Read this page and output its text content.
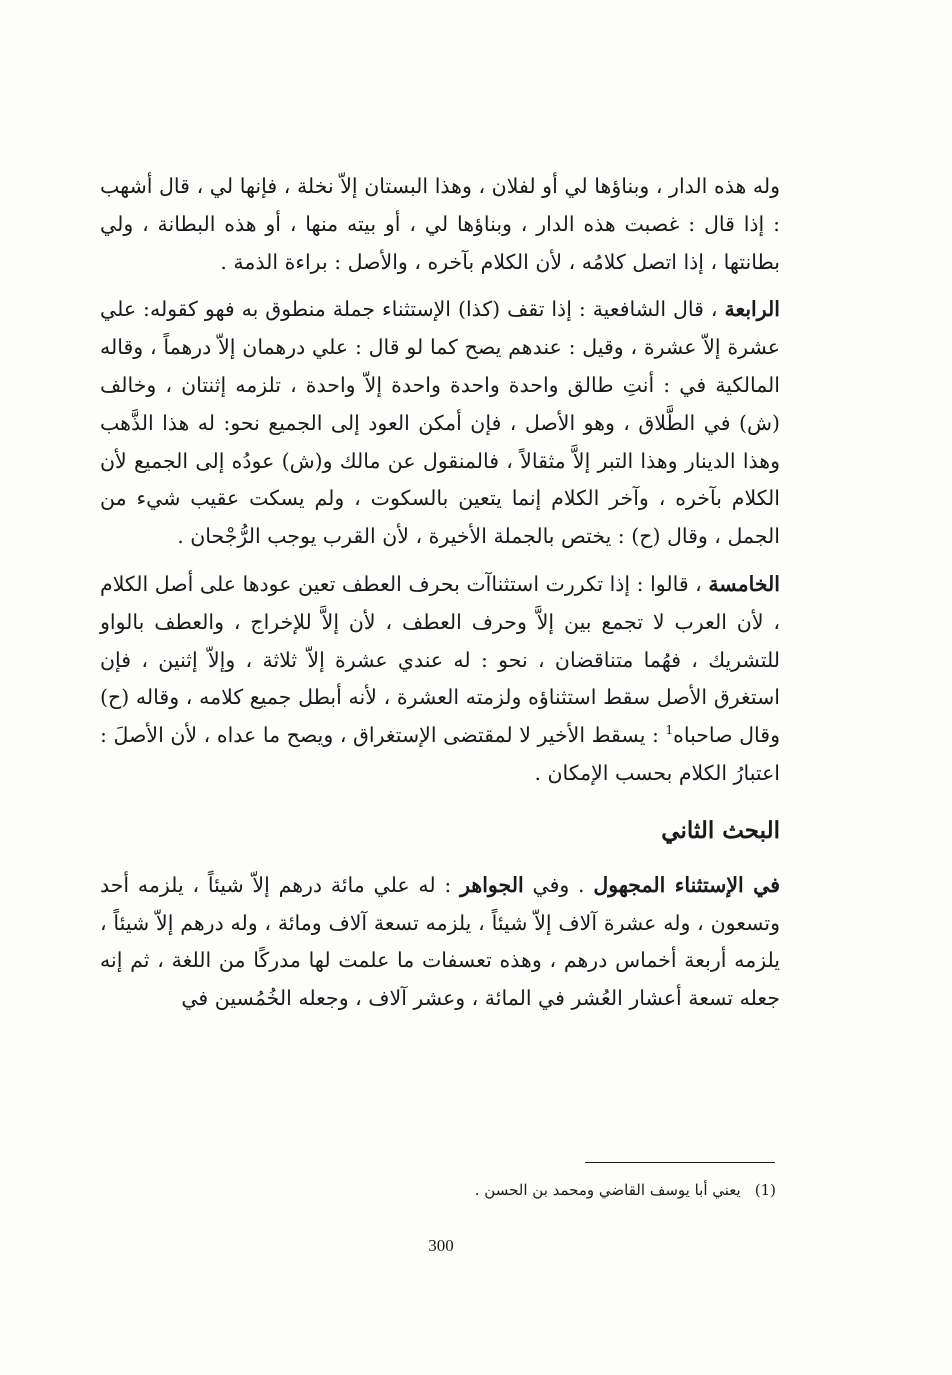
وله هذه الدار ، وبناؤها لي أو لفلان ، وهذا البستان إلاّ نخلة ، فإنها لي ، قال أشهب : إذا قال : غصبت هذه الدار ، وبناؤها لي ، أو بيته منها ، أو هذه البطانة ، ولي بطانتها ، إذا اتصل كلامُه ، لأن الكلام بآخره ، والأصل : براءة الذمة .

الرابعة ، قال الشافعية : إذا تقف (كذا) الإستثناء جملة منطوق به فهو كقوله: علي عشرة إلاّ عشرة ، وقيل : عندهم يصح كما لو قال : علي درهمان إلاّ درهماً ، وقاله المالكية في : أنتِ طالق واحدة واحدة واحدة إلاّ واحدة ، تلزمه إثنتان ، وخالف (ش) في الطَّلاق ، وهو الأصل ، فإن أمكن العود إلى الجميع نحو: له هذا الذَّهب وهذا الدينار وهذا التبر إلاَّ مثقالاً ، فالمنقول عن مالك و(ش) عودُه إلى الجميع لأن الكلام بآخره ، وآخر الكلام إنما يتعين بالسكوت ، ولم يسكت عقيب شيء من الجمل ، وقال (ح) : يختص بالجملة الأخيرة ، لأن القرب يوجب الرُّجْحان .

الخامسة ، قالوا : إذا تكررت استثناآت بحرف العطف تعين عودها على أصل الكلام ، لأن العرب لا تجمع بين إلاَّ وحرف العطف ، لأن إلاَّ للإخراج ، والعطف بالواو للتشريك ، فهُما متناقضان ، نحو : له عندي عشرة إلاّ ثلاثة ، وإلاّ إثنين ، فإن استغرق الأصل سقط استثناؤه ولزمته العشرة ، لأنه أبطل جميع كلامه ، وقاله (ح) وقال صاحباه$^1$ : يسقط الأخير لا لمقتضى الإستغراق ، ويصح ما عداه ، لأن الأصلَ : اعتبارُ الكلام بحسب الإمكان .

البحث الثاني

في الإستثناء المجهول . وفي الجواهر : له علي مائة درهم إلاّ شيئاً ، يلزمه أحد وتسعون ، وله عشرة آلاف إلاّ شيئاً ، يلزمه تسعة آلاف ومائة ، وله درهم إلاّ شيئاً ، يلزمه أربعة أخماس درهم ، وهذه تعسفات ما علمت لها مدركًا من اللغة ، ثم إنه جعله تسعة أعشار العُشر في المائة ، وعشر آلاف ، وجعله الخُمُسين في

(1)يعني أبا يوسف القاضي ومحمد بن الحسن .
300
